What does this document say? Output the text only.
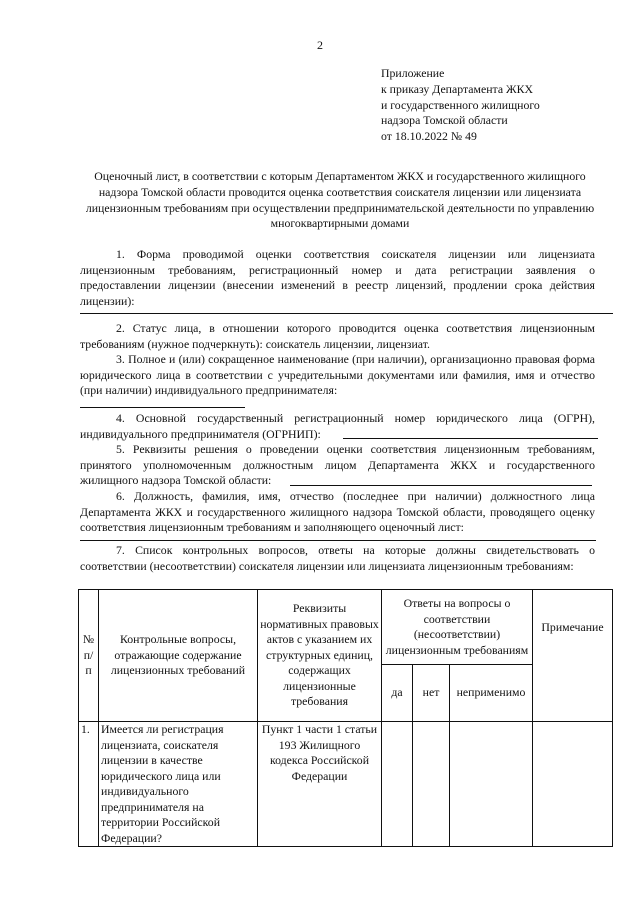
2
Приложение
к приказу Департамента ЖКХ
и государственного жилищного
надзора Томской области
от 18.10.2022 № 49
Оценочный лист, в соответствии с которым Департаментом ЖКХ и государственного жилищного надзора Томской области проводится оценка соответствия соискателя лицензии или лицензиата лицензионным требованиям при осуществлении предпринимательской деятельности по управлению многоквартирными домами

1. Форма проводимой оценки соответствия соискателя лицензии или лицензиата лицензионным требованиям, регистрационный номер и дата регистрации заявления о предоставлении лицензии (внесении изменений в реестр лицензий, продлении срока действия лицензии):

2. Статус лица, в отношении которого проводится оценка соответствия лицензионным требованиям (нужное подчеркнуть): соискатель лицензии, лицензиат.

3. Полное и (или) сокращенное наименование (при наличии), организационно правовая форма юридического лица в соответствии с учредительными документами или фамилия, имя и отчество (при наличии) индивидуального предпринимателя:

4. Основной государственный регистрационный номер юридического лица (ОГРН), индивидуального предпринимателя (ОГРНИП):

5. Реквизиты решения о проведении оценки соответствия лицензионным требованиям, принятого уполномоченным должностным лицом Департамента ЖКХ и государственного жилищного надзора Томской области:

6. Должность, фамилия, имя, отчество (последнее при наличии) должностного лица Департамента ЖКХ и государственного жилищного надзора Томской области, проводящего оценку соответствия лицензионным требованиям и заполняющего оценочный лист:

7. Список контрольных вопросов, ответы на которые должны свидетельствовать о соответствии (несоответствии) соискателя лицензии или лицензиата лицензионным требованиям:

№ п/п	Контрольные вопросы, отражающие содержание лицензионных требований	Реквизиты нормативных правовых актов с указанием их структурных единиц, содержащих лицензионные требования	Ответы на вопросы о соответствии (несоответствии) лицензионным требованиям			Примечание
			да	нет	неприменимо	
1.	Имеется ли регистрация лицензиата, соискателя лицензии в качестве юридического лица или индивидуального предпринимателя на территории Российской Федерации?	Пункт 1 части 1 статьи 193 Жилищного кодекса Российской Федерации				
